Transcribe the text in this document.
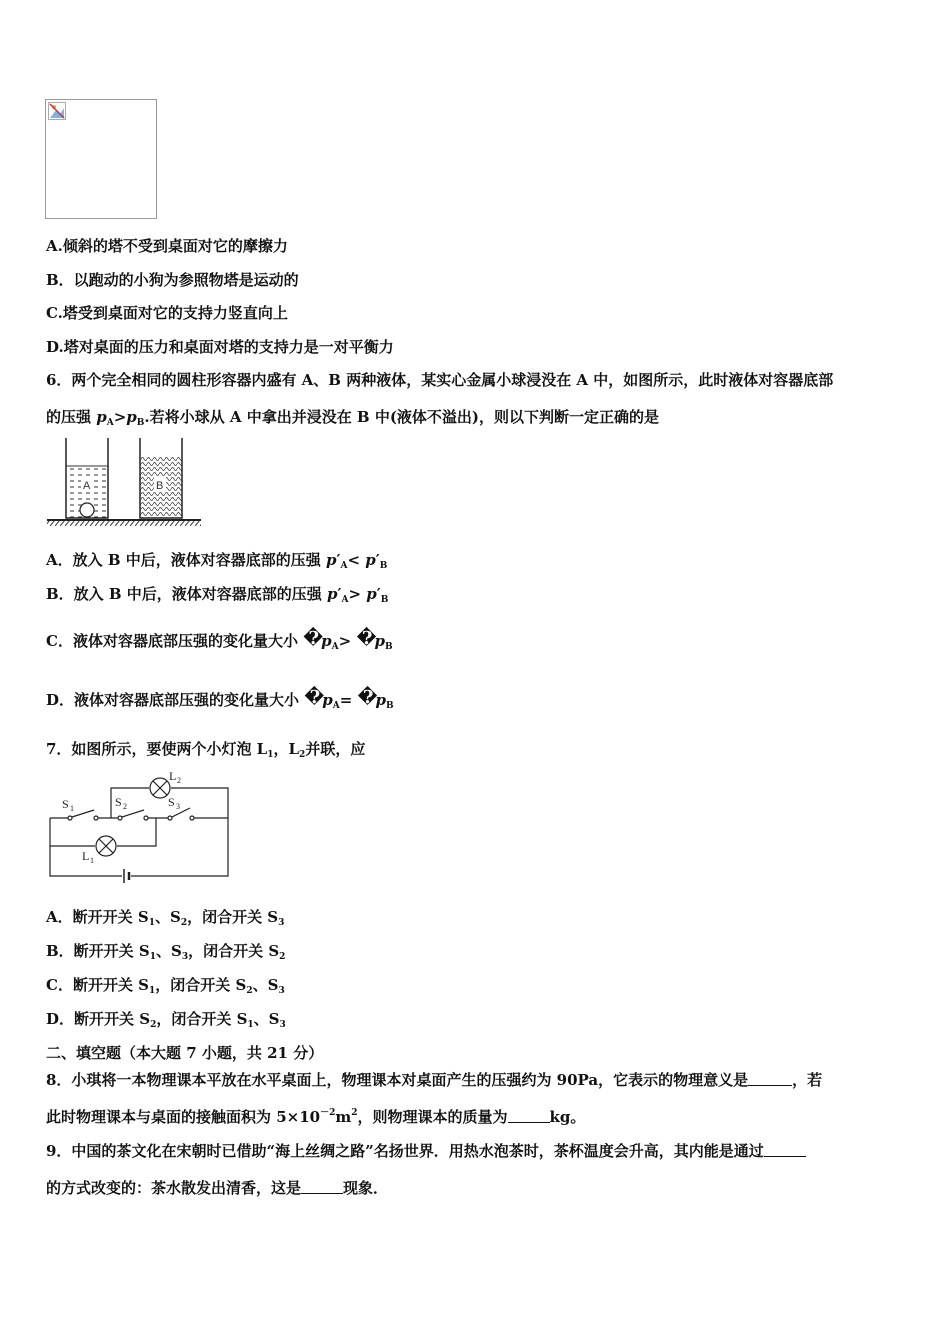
A.倾斜的塔不受到桌面对它的摩擦力
B．以跑动的小狗为参照物塔是运动的
C.塔受到桌面对它的支持力竖直向上
D.塔对桌面的压力和桌面对塔的支持力是一对平衡力
6．两个完全相同的圆柱形容器内盛有 A、B 两种液体，某实心金属小球浸没在 A 中，如图所示，此时液体对容器底部
的压强 $p_A>p_B$.若将小球从 A 中拿出并浸没在 B 中(液体不溢出)，则以下判断一定正确的是
A	B
A．放入 B 中后，液体对容器底部的压强 $p'_A< p'_B$
B．放入 B 中后，液体对容器底部的压强 $p'_A> p'_B$
C．液体对容器底部压强的变化量大小 �
$p_A>$ �
$p_B$
D．液体对容器底部压强的变化量大小 �
$p_A=$ �
$p_B$
7．如图所示，要使两个小灯泡 $L_1$，$L_2$并联，应
S 1	S 2	S 3
L 2
L 1
A．断开开关 $S_1$、$S_2$，闭合开关 $S_3$
B．断开开关 $S_1$、$S_3$，闭合开关 $S_2$
C．断开开关 $S_1$，闭合开关 $S_2$、$S_3$
D．断开开关 $S_2$，闭合开关 $S_1$、$S_3$
二、填空题（本大题 7 小题，共 21 分）
8．小琪将一本物理课本平放在水平桌面上，物理课本对桌面产生的压强约为 90Pa，它表示的物理意义是	，若
此时物理课本与桌面的接触面积为 $5\times 10^{-2}m^2$，则物理课本的质量为	kg。
9．中国的茶文化在宋朝时已借助“海上丝绸之路”名扬世界．用热水泡茶时，茶杯温度会升高，其内能是通过
的方式改变的：茶水散发出清香，这是	现象．
